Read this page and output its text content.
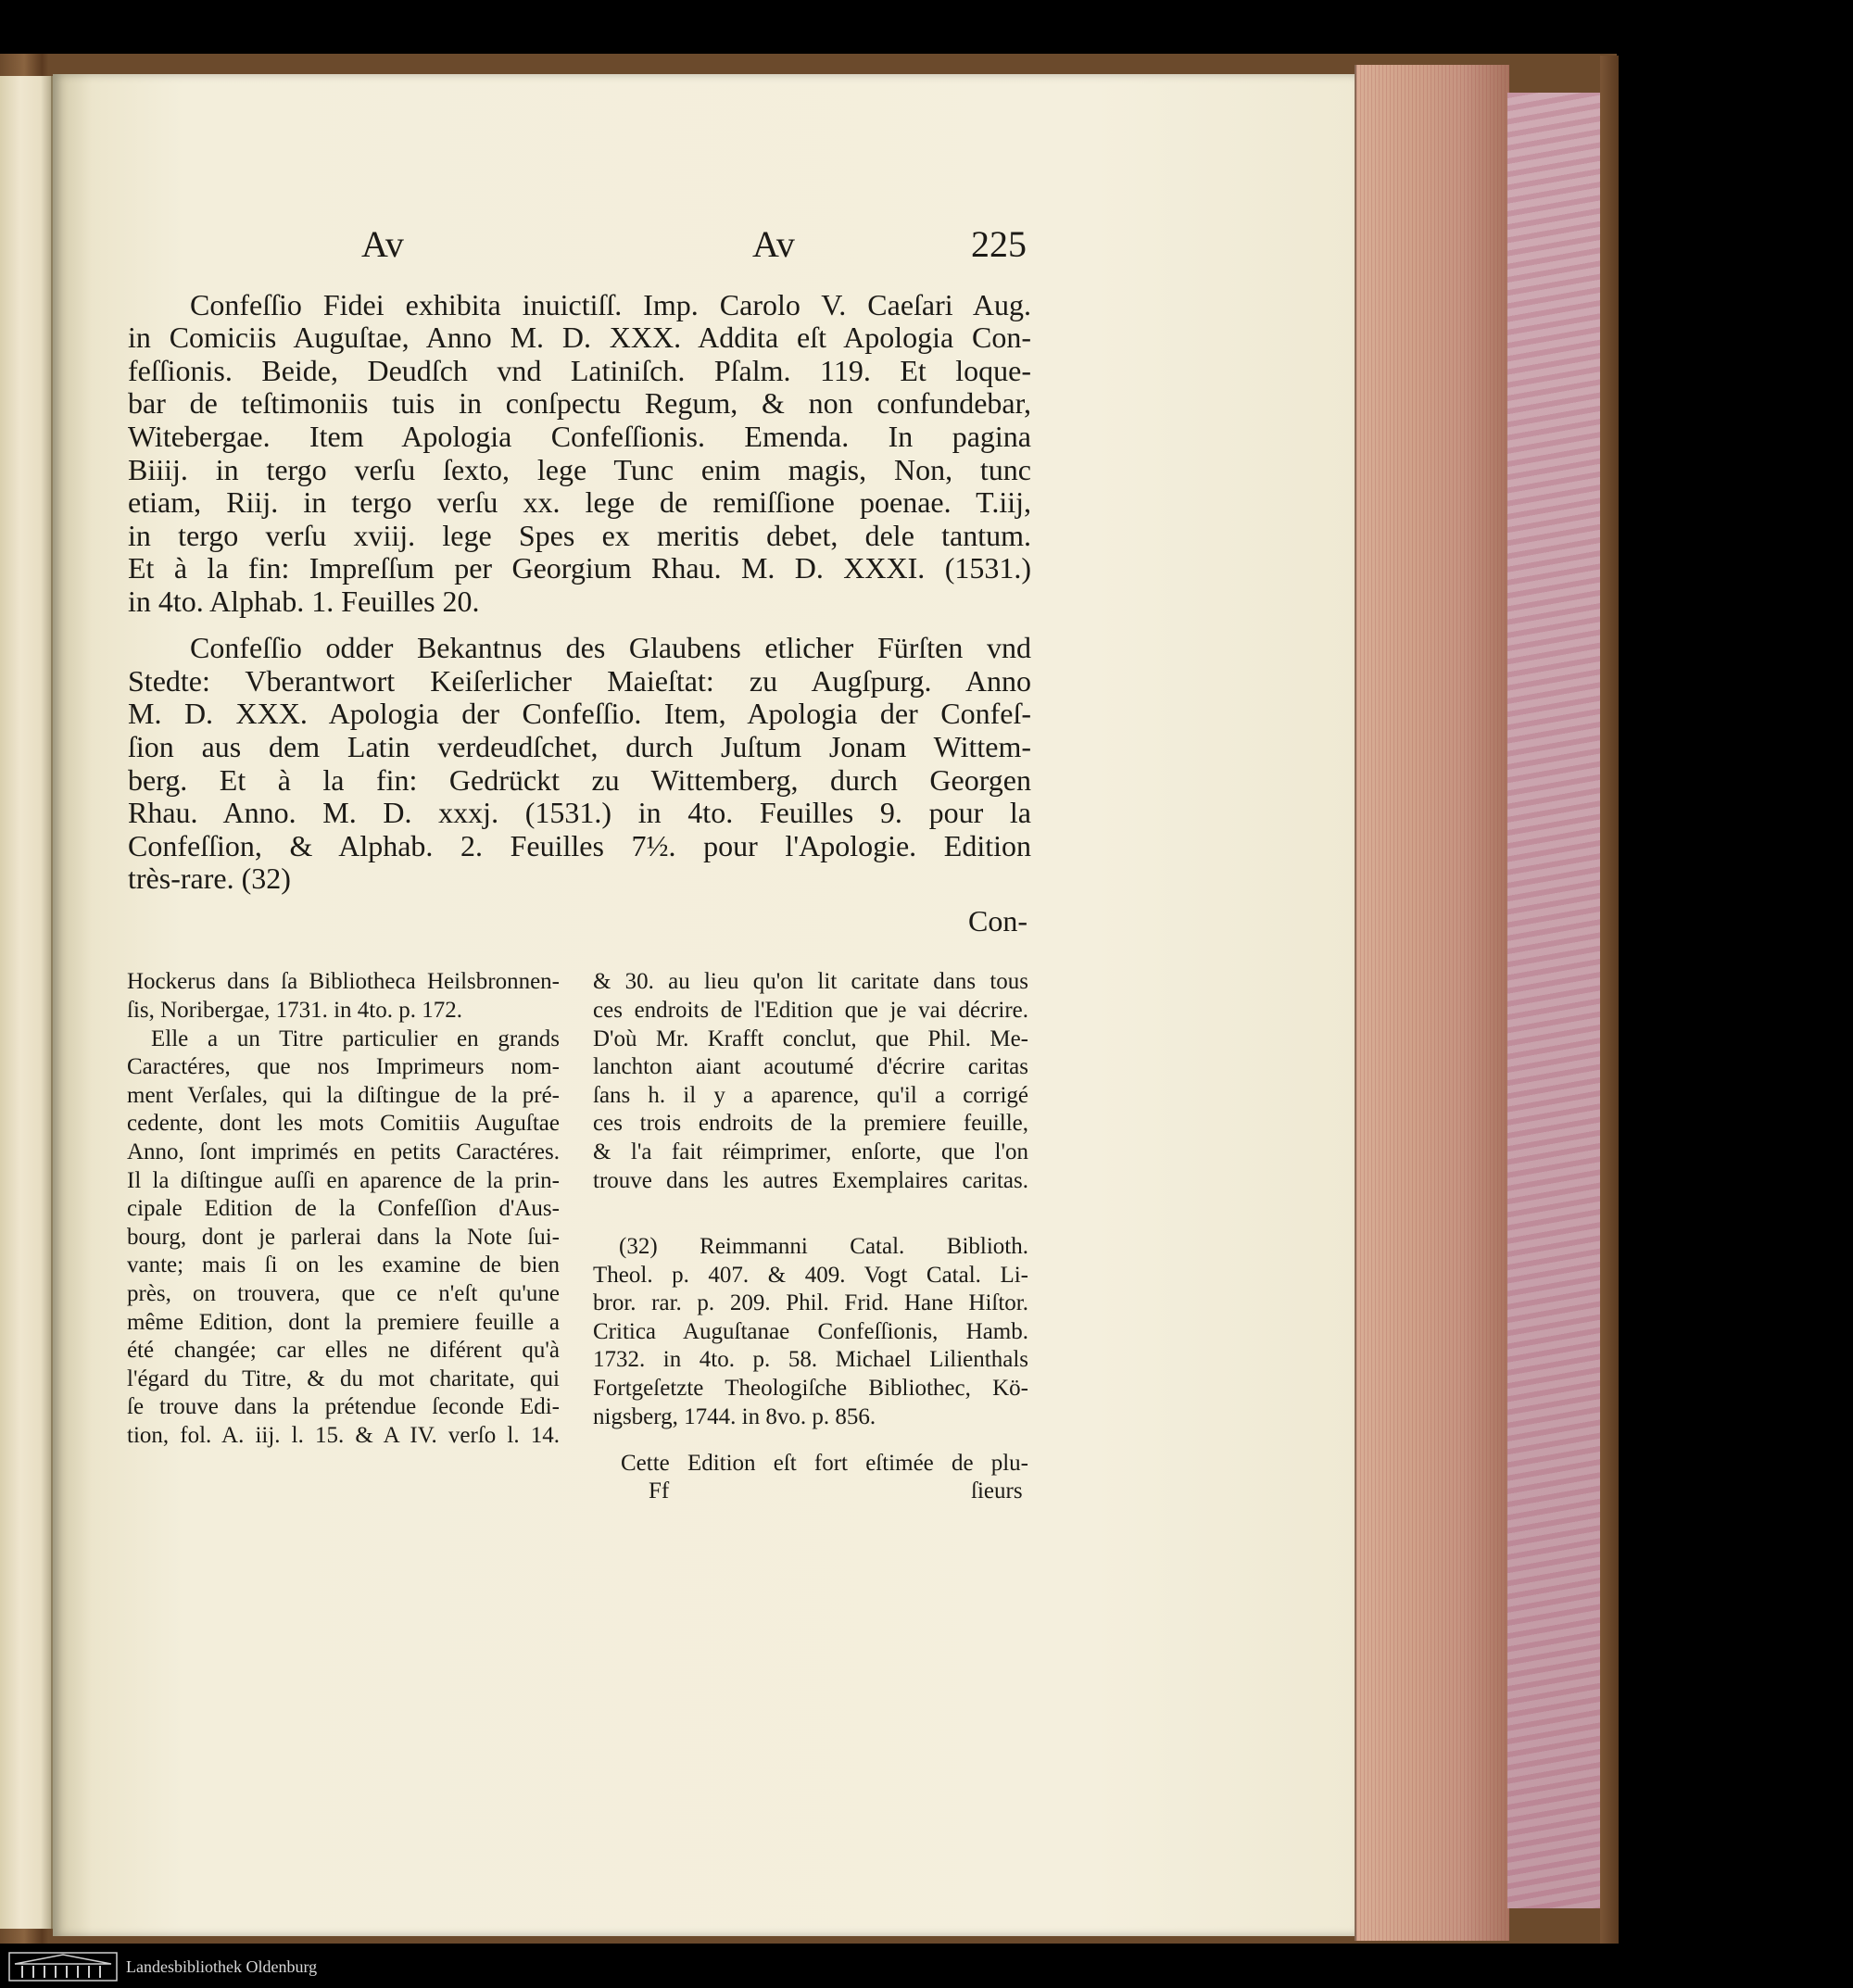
Av	Av	225
Confeſſio Fidei exhibita inuictiſſ. Imp. Carolo V. Caeſari Aug.
in Comiciis Auguſtae, Anno M. D. XXX. Addita eſt Apologia Con-
feſſionis. Beide, Deudſch vnd Latiniſch. Pſalm. 119. Et loque-
bar de teſtimoniis tuis in conſpectu Regum, & non confundebar,
Witebergae. Item Apologia Confeſſionis. Emenda. In pagina
Biiij. in tergo verſu ſexto, lege Tunc enim magis, Non, tunc
etiam, Riij. in tergo verſu xx. lege de remiſſione poenae. T.iij,
in tergo verſu xviij. lege Spes ex meritis debet, dele tantum.
Et à la fin: Impreſſum per Georgium Rhau. M. D. XXXI. (1531.)
in 4to. Alphab. 1. Feuilles 20.
Confeſſio odder Bekantnus des Glaubens etlicher Fürſten vnd
Stedte: Vberantwort Keiſerlicher Maieſtat: zu Augſpurg. Anno
M. D. XXX. Apologia der Confeſſio. Item, Apologia der Confeſ-
ſion aus dem Latin verdeudſchet, durch Juſtum Jonam Wittem-
berg. Et à la fin: Gedrückt zu Wittemberg, durch Georgen
Rhau. Anno. M. D. xxxj. (1531.) in 4to. Feuilles 9. pour la
Confeſſion, & Alphab. 2. Feuilles 7½. pour l'Apologie. Edition
très-rare. (32)
Con-
Hockerus dans ſa Bibliotheca Heilsbronnen-
ſis, Noribergae, 1731. in 4to. p. 172.
Elle a un Titre particulier en grands
Caractéres, que nos Imprimeurs nom-
ment Verſales, qui la diſtingue de la pré-
cedente, dont les mots Comitiis Auguſtae
Anno, ſont imprimés en petits Caractéres.
Il la diſtingue auſſi en aparence de la prin-
cipale Edition de la Confeſſion d'Aus-
bourg, dont je parlerai dans la Note ſui-
vante; mais ſi on les examine de bien
près, on trouvera, que ce n'eſt qu'une
même Edition, dont la premiere feuille a
été changée; car elles ne diférent qu'à
l'égard du Titre, & du mot charitate, qui
ſe trouve dans la prétendue ſeconde Edi-
tion, fol. A. iij. l. 15. & A IV. verſo l. 14.
& 30. au lieu qu'on lit caritate dans tous
ces endroits de l'Edition que je vai décrire.
D'où Mr. Krafft conclut, que Phil. Me-
lanchton aiant acoutumé d'écrire caritas
ſans h. il y a aparence, qu'il a corrigé
ces trois endroits de la premiere feuille,
& l'a fait réimprimer, enſorte, que l'on
trouve dans les autres Exemplaires caritas.
(32) Reimmanni Catal. Biblioth.
Theol. p. 407. & 409. Vogt Catal. Li-
bror. rar. p. 209. Phil. Frid. Hane Hiſtor.
Critica Auguſtanae Confeſſionis, Hamb.
1732. in 4to. p. 58. Michael Lilienthals
Fortgeſetzte Theologiſche Bibliothec, Kö-
nigsberg, 1744. in 8vo. p. 856.
Cette Edition eſt fort eſtimée de plu-
Ff	ſieurs
Landesbibliothek Oldenburg
